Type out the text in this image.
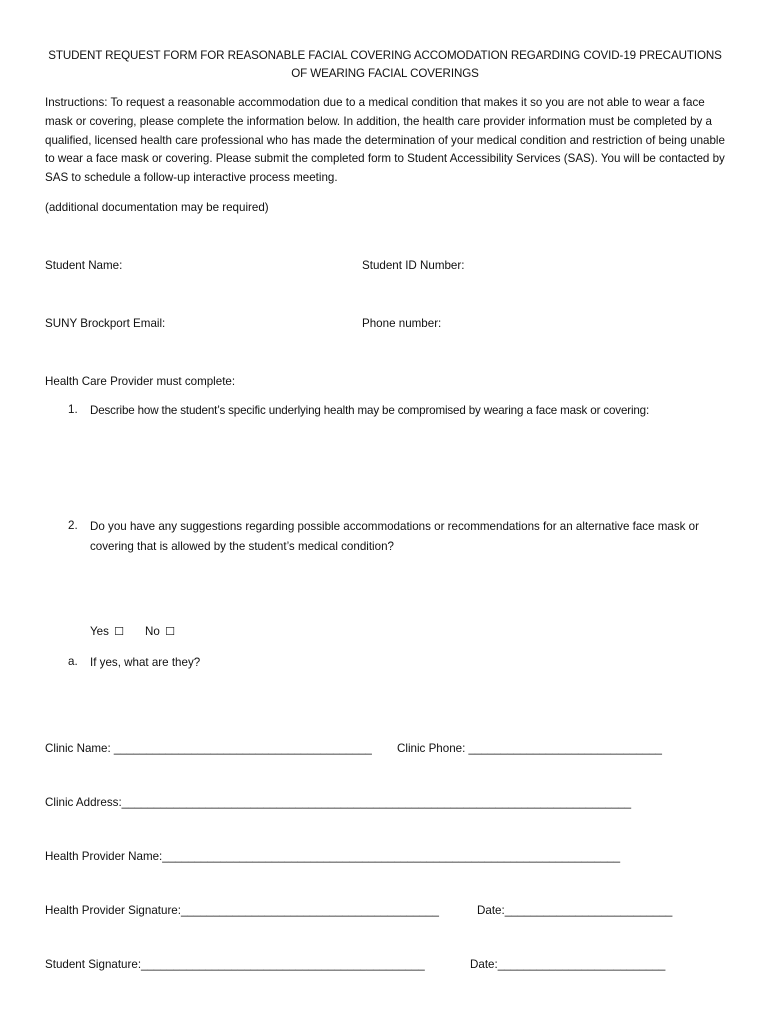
STUDENT REQUEST FORM FOR REASONABLE FACIAL COVERING ACCOMODATION REGARDING COVID-19 PRECAUTIONS
OF WEARING FACIAL COVERINGS
Instructions: To request a reasonable accommodation due to a medical condition that makes it so you are not able to wear a face mask or covering, please complete the information below. In addition, the health care provider information must be completed by a qualified, licensed health care professional who has made the determination of your medical condition and restriction of being unable to wear a face mask or covering. Please submit the completed form to Student Accessibility Services (SAS). You will be contacted by SAS to schedule a follow-up interactive process meeting.
(additional documentation may be required)
Student Name:	Student ID Number:
SUNY Brockport Email:	Phone number:
Health Care Provider must complete:
1. Describe how the student’s specific underlying health may be compromised by wearing a face mask or covering:
2. Do you have any suggestions regarding possible accommodations or recommendations for an alternative face mask or covering that is allowed by the student’s medical condition?
Yes ☐ No ☐
a. If yes, what are they?
Clinic Name: ________________________________________ Clinic Phone: ______________________________
Clinic Address:_______________________________________________________________________________
Health Provider Name:_______________________________________________________________________
Health Provider Signature:________________________________________	Date:__________________________
Student Signature:____________________________________________	Date:__________________________
